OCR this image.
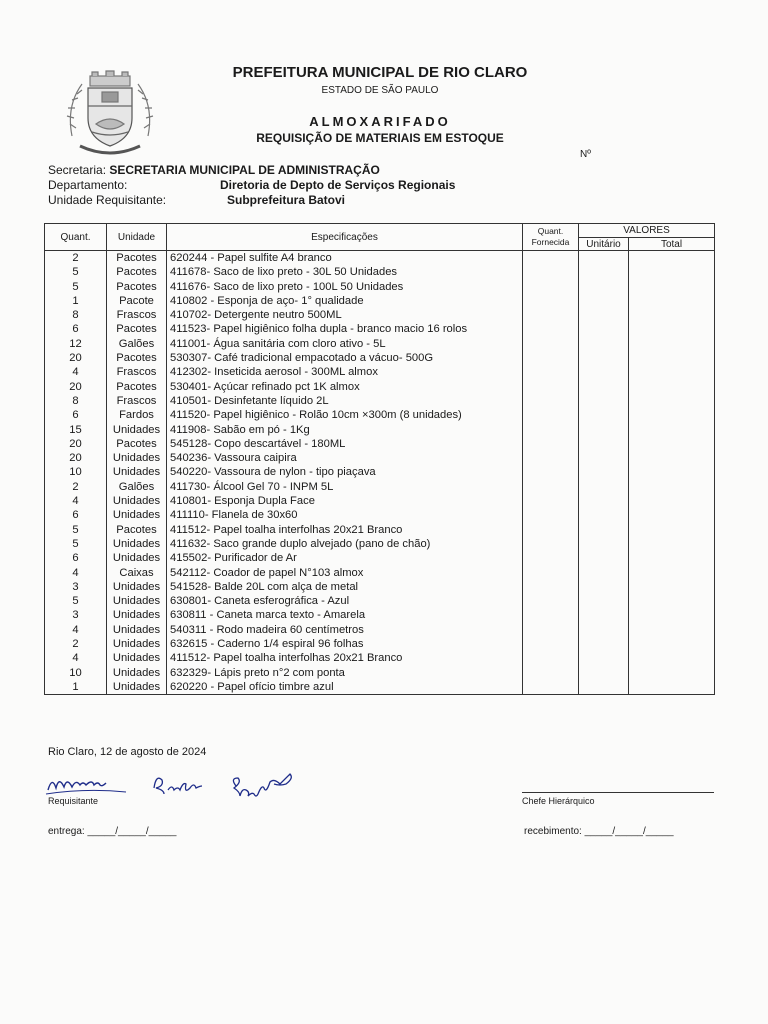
PREFEITURA MUNICIPAL DE RIO CLARO
ESTADO DE SÃO PAULO
ALMOXARIFADO
REQUISIÇÃO DE MATERIAIS EM ESTOQUE
Nº
Secretaria: SECRETARIA MUNICIPAL DE ADMINISTRAÇÃO
Departamento:	Diretoria de Depto de Serviços Regionais
Unidade Requisitante:	Subprefeitura Batovi
Quant.	Unidade	Especificações	Quant. Fornecida	VALORES	
				Unitário	Total
2	Pacotes	620244 - Papel sulfite A4 branco			
5	Pacotes	411678- Saco de lixo preto - 30L 50 Unidades			
5	Pacotes	411676- Saco de lixo preto - 100L 50 Unidades			
1	Pacote	410802 - Esponja de aço- 1° qualidade			
8	Frascos	410702- Detergente neutro 500ML			
6	Pacotes	411523- Papel higiênico folha dupla - branco macio 16 rolos			
12	Galões	411001- Água sanitária com cloro ativo - 5L			
20	Pacotes	530307- Café tradicional empacotado a vácuo- 500G			
4	Frascos	412302- Inseticida aerosol - 300ML almox			
20	Pacotes	530401- Açúcar refinado pct 1K almox			
8	Frascos	410501- Desinfetante líquido 2L			
6	Fardos	411520- Papel higiênico - Rolão 10cm ×300m (8 unidades)			
15	Unidades	411908- Sabão em pó - 1Kg			
20	Pacotes	545128- Copo descartável - 180ML			
20	Unidades	540236- Vassoura caipira			
10	Unidades	540220- Vassoura de nylon - tipo piaçava			
2	Galões	411730- Álcool Gel 70 - INPM 5L			
4	Unidades	410801- Esponja Dupla Face			
6	Unidades	411110- Flanela de 30x60			
5	Pacotes	411512- Papel toalha interfolhas 20x21 Branco			
5	Unidades	411632- Saco grande duplo alvejado (pano de chão)			
6	Unidades	415502- Purificador de Ar			
4	Caixas	542112- Coador de papel N°103 almox			
3	Unidades	541528- Balde 20L com alça de metal			
5	Unidades	630801- Caneta esferográfica - Azul			
3	Unidades	630811 - Caneta marca texto - Amarela			
4	Unidades	540311 - Rodo madeira 60 centímetros			
2	Unidades	632615 - Caderno 1/4 espiral 96 folhas			
4	Unidades	411512- Papel toalha interfolhas 20x21 Branco			
10	Unidades	632329- Lápis preto n°2 com ponta			
1	Unidades	620220 - Papel ofício timbre azul			
Rio Claro, 12 de agosto de 2024
Requisitante	Chefe Hierárquico
entrega: _____/_____/_____	recebimento: _____/_____/_____
